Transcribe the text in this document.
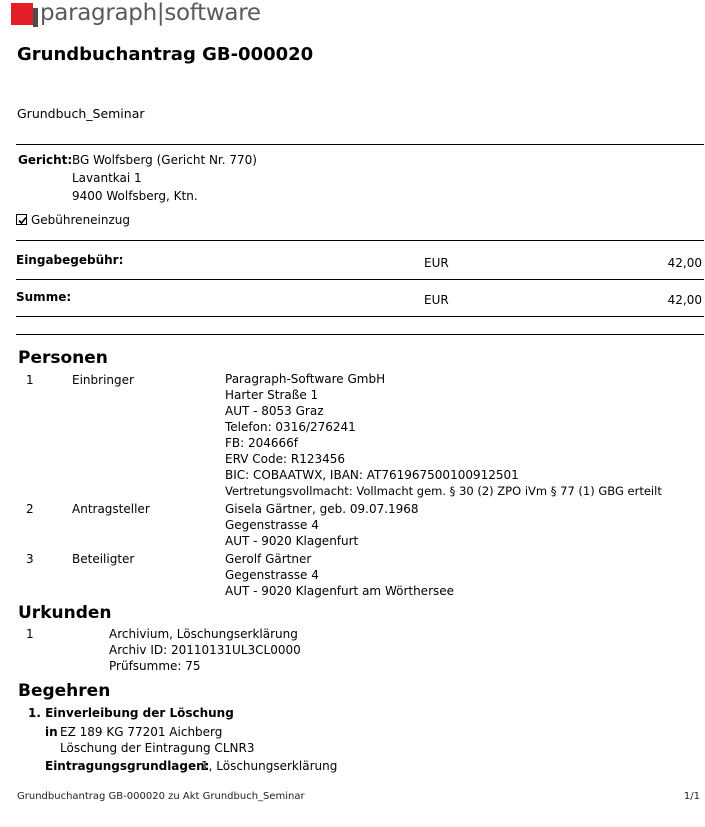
paragraph|software
Grundbuchantrag GB-000020
Grundbuch_Seminar
Gericht: BG Wolfsberg (Gericht Nr. 770)
Lavantkai 1
9400 Wolfsberg, Ktn.
Gebühreneinzug
Eingabegebühr:	EUR	42,00
Summe:	EUR	42,00
Personen
1	Einbringer	Paragraph-Software GmbH
Harter Straße 1
AUT - 8053 Graz
Telefon: 0316/276241
FB: 204666f
ERV Code: R123456
BIC: COBAATWX, IBAN: AT761967500100912501
Vertretungsvollmacht: Vollmacht gem. § 30 (2) ZPO iVm § 77 (1) GBG erteilt
2	Antragsteller	Gisela Gärtner, geb. 09.07.1968
Gegenstrasse 4
AUT - 9020 Klagenfurt
3	Beteiligter	Gerolf Gärtner
Gegenstrasse 4
AUT - 9020 Klagenfurt am Wörthersee
Urkunden
1	Archivium, Löschungserklärung
Archiv ID: 20110131UL3CL0000
Prüfsumme: 75
Begehren
1. Einverleibung der Löschung
in EZ 189 KG 77201 Aichberg
Löschung der Eintragung CLNR3
Eintragungsgrundlagen:
1, Löschungserklärung
Grundbuchantrag GB-000020 zu Akt Grundbuch_Seminar	1/1
